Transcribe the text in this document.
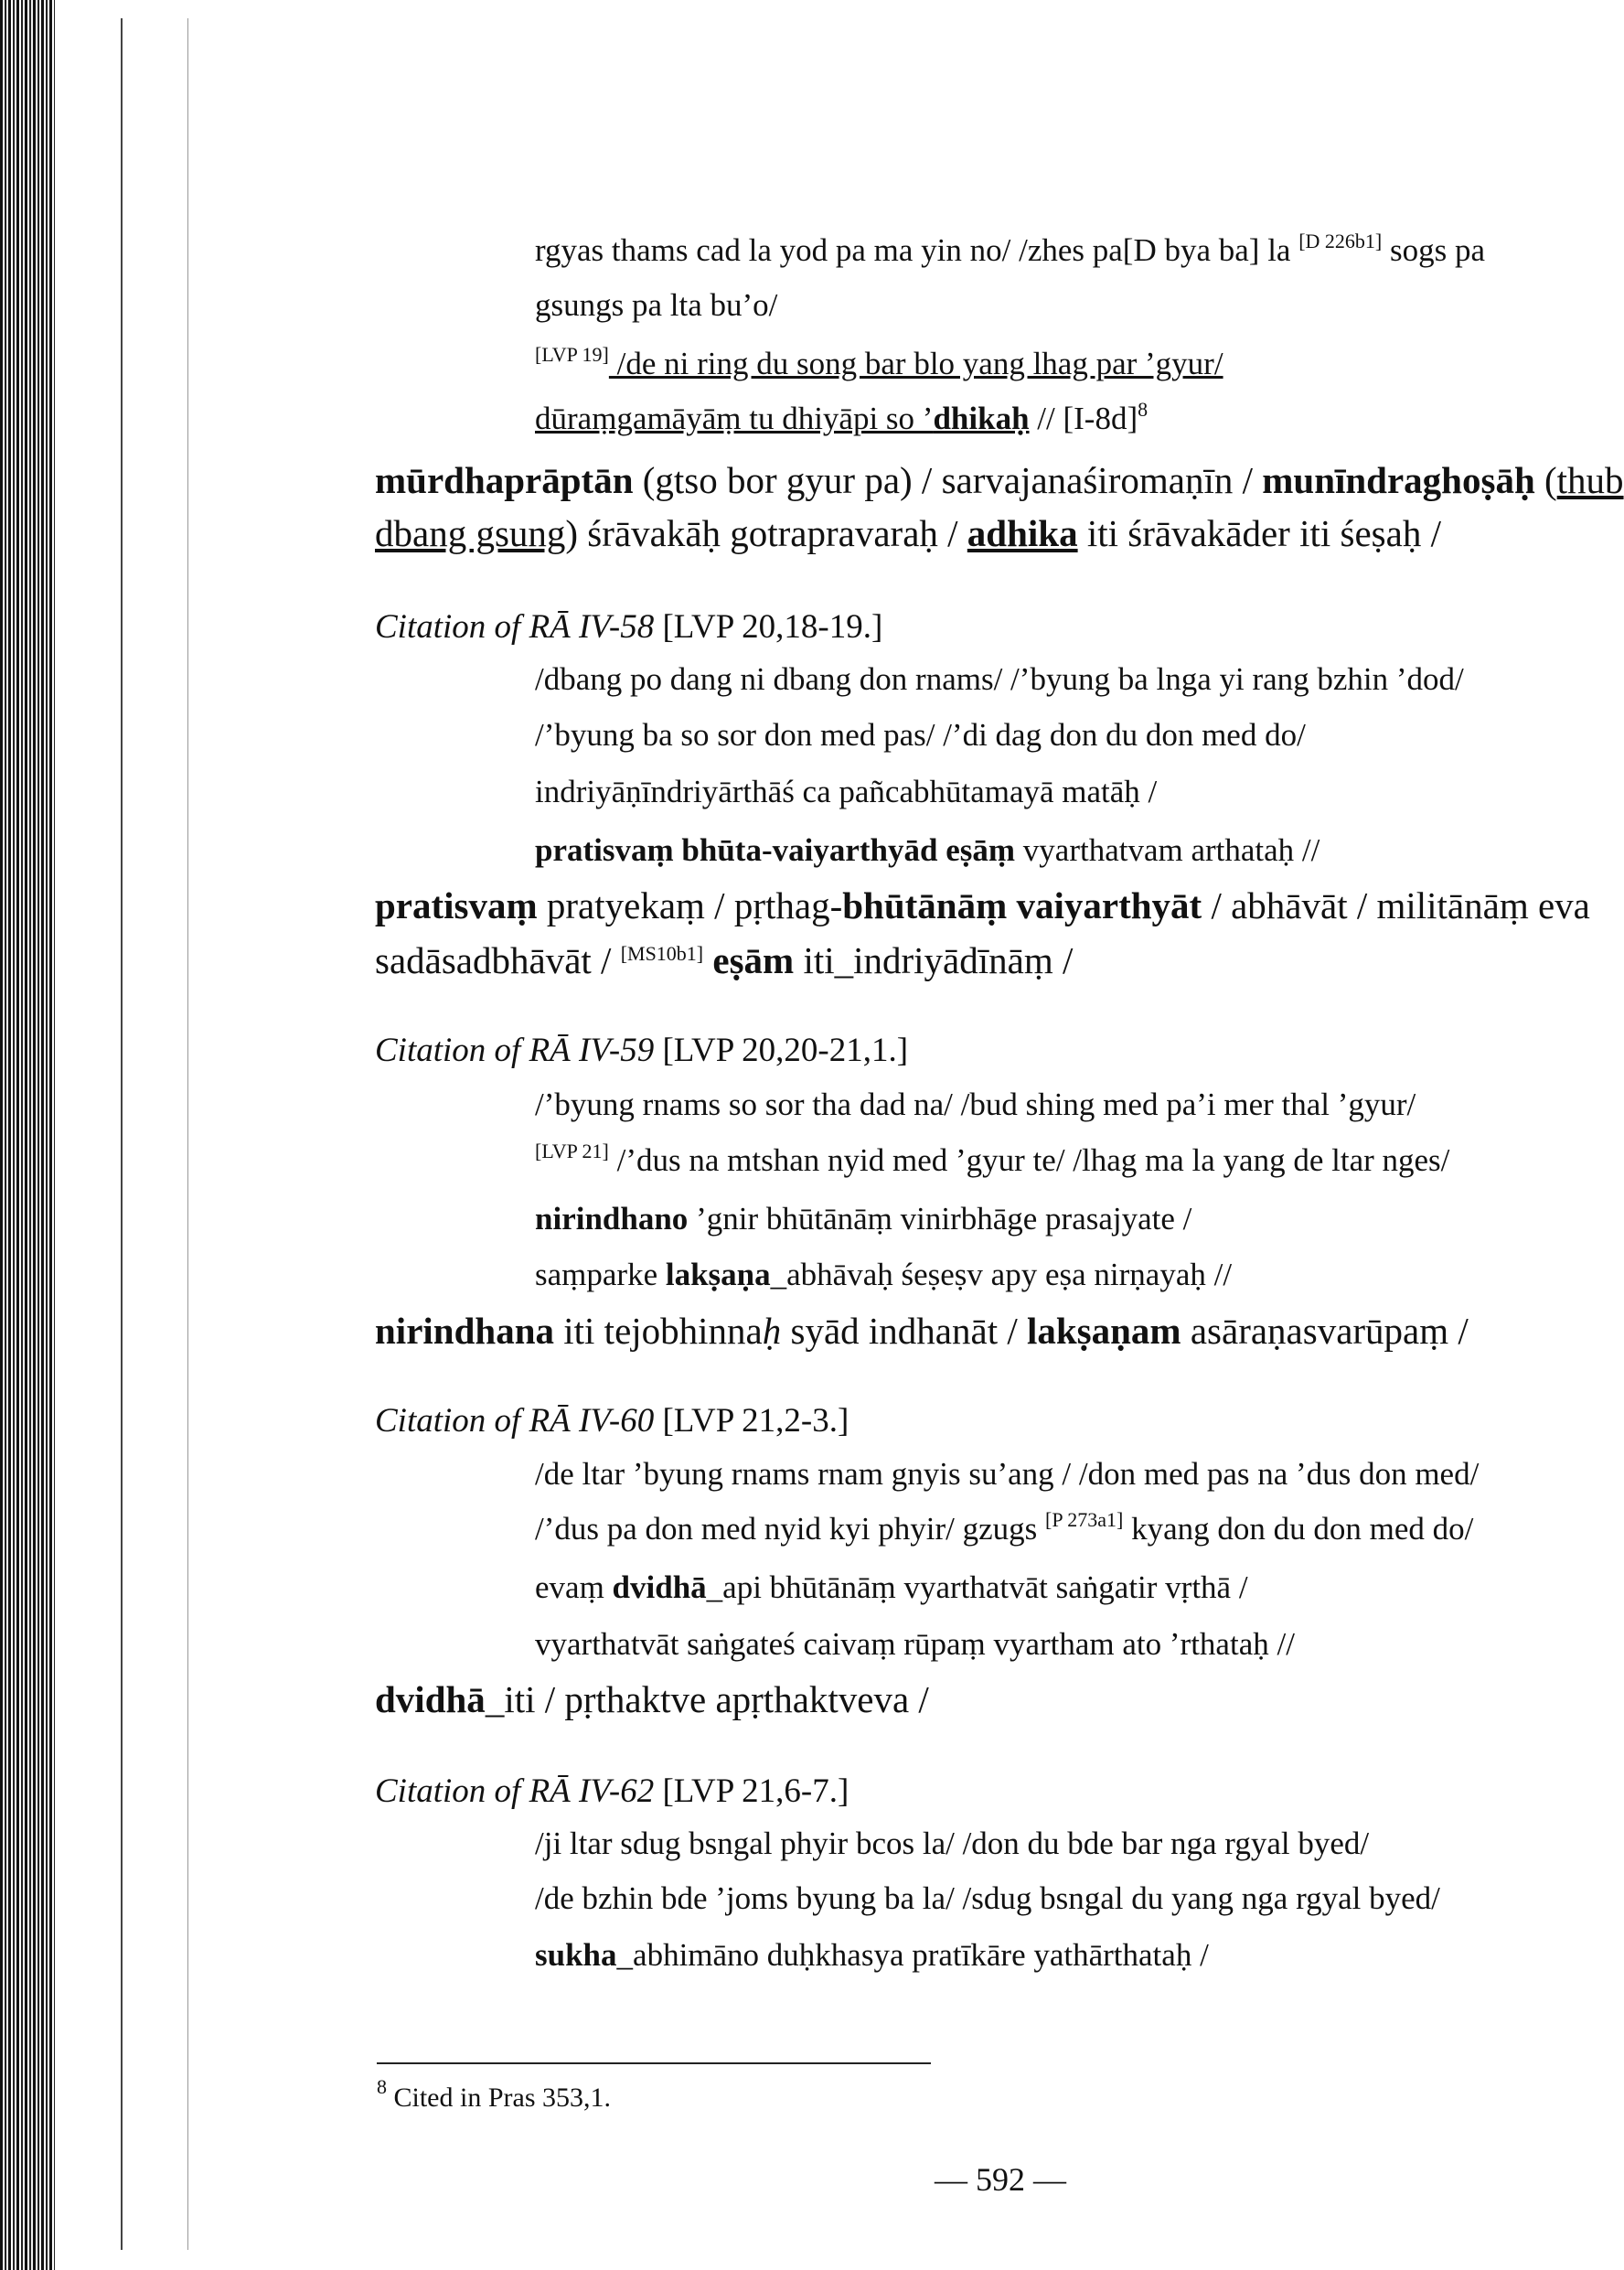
rgyas thams cad la yod pa ma yin no/ /zhes pa[D bya ba] la [D 226b1] sogs pa
gsungs pa lta bu’o/
[LVP 19] /de ni ring du song bar blo yang lhag par ’gyur/
dūraṃgamāyāṃ tu dhiyāpi so ’dhikaḥ // $[I-8d]^8$
mūrdhaprāptān (gtso bor gyur pa) / sarvajanaśiromaṇīn / munīndraghoṣāḥ (thub
dbang gsung) śrāvakāḥ gotrapravaraḥ / adhika iti śrāvakāder iti śeṣaḥ /
Citation of RĀ IV-58 [LVP 20,18-19.]
/dbang po dang ni dbang don rnams/ /’byung ba lnga yi rang bzhin ’dod/
/’byung ba so sor don med pas/ /’di dag don du don med do/
indriyāṇīndriyārthāś ca pañcabhūtamayā matāḥ /
pratisvaṃ bhūta-vaiyarthyād eṣāṃ vyarthatvam arthataḥ //
pratisvaṃ pratyekaṃ / pṛthag-bhūtānāṃ vaiyarthyāt / abhāvāt / militānāṃ eva
sadāsadbhāvāt / [MS10b1] eṣām iti_indriyādīnāṃ /
Citation of RĀ IV-59 [LVP 20,20-21,1.]
/’byung rnams so sor tha dad na/ /bud shing med pa’i mer thal ’gyur/
[LVP 21] /’dus na mtshan nyid med ’gyur te/ /lhag ma la yang de ltar nges/
nirindhano ’gnir bhūtānāṃ vinirbhāge prasajyate /
saṃparke lakṣaṇa_abhāvaḥ śeṣeṣv apy eṣa nirṇayaḥ //
nirindhana iti tejobhinnaḥ syād indhanāt / lakṣaṇam asāraṇasvarūpaṃ /
Citation of RĀ IV-60 [LVP 21,2-3.]
/de ltar ’byung rnams rnam gnyis su’ang / /don med pas na ’dus don med/
/’dus pa don med nyid kyi phyir/ gzugs [P 273a1] kyang don du don med do/
evaṃ dvidhā_api bhūtānāṃ vyarthatvāt saṅgatir vṛthā /
vyarthatvāt saṅgateś caivaṃ rūpaṃ vyartham ato ’rthataḥ //
dvidhā_iti / pṛthaktve apṛthaktveva /
Citation of RĀ IV-62 [LVP 21,6-7.]
/ji ltar sdug bsngal phyir bcos la/ /don du bde bar nga rgyal byed/
/de bzhin bde ’joms byung ba la/ /sdug bsngal du yang nga rgyal byed/
sukha_abhimāno duḥkhasya pratīkāre yathārthataḥ /
$^8$ Cited in Pras 353,1.
— 592 —
